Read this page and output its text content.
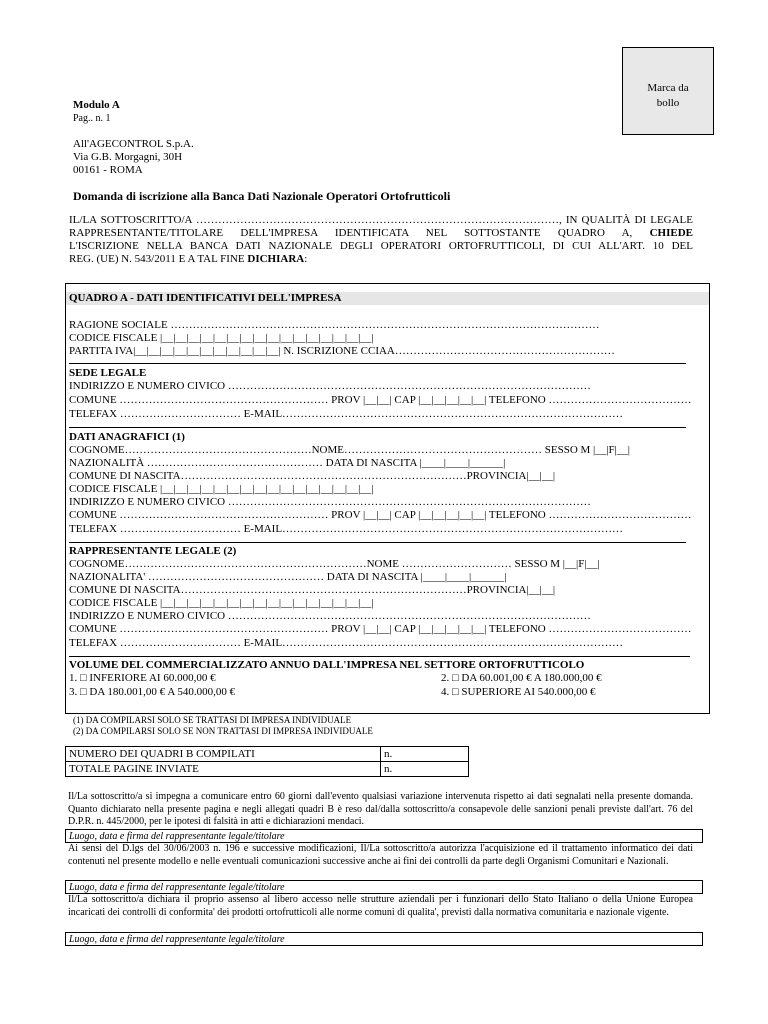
Marca da
bollo
Modulo A
Pag.. n. 1
All'AGECONTROL S.p.A.
Via G.B. Morgagni, 30H
00161 - ROMA
Domanda di iscrizione alla Banca Dati Nazionale Operatori Ortofrutticoli
IL/LA SOTTOSCRITTO/A ………………………………………………………………………………………, IN QUALITÀ DI LEGALE
RAPPRESENTANTE/TITOLARE DELL'IMPRESA IDENTIFICATA NEL SOTTOSTANTE QUADRO A, CHIEDE
L'ISCRIZIONE NELLA BANCA DATI NAZIONALE DEGLI OPERATORI ORTOFRUTTICOLI, DI CUI ALL'ART. 10 DEL
REG. (UE) N. 543/2011 E A TAL FINE DICHIARA:
QUADRO A - DATI IDENTIFICATIVI DELL'IMPRESA
RAGIONE SOCIALE ………………………………………………………………………………………………………
CODICE FISCALE |__|__|__|__|__|__|__|__|__|__|__|__|__|__|__|__|
PARTITA IVA|__|__|__|__|__|__|__|__|__|__|__| N. ISCRIZIONE CCIAA……………………………………………………
SEDE LEGALE
INDIRIZZO E NUMERO CIVICO ………………………………………………………………………………………
COMUNE ………………………………………………… PROV |__|__| CAP |__|__|__|__|__| TELEFONO …………………………………
TELEFAX …………………………… E-MAIL…………………………………………………………………………………
DATI ANAGRAFICI (1)
COGNOME……………………………………………NOME……………………………………………… SESSO M |__|F|__|
NAZIONALITÀ ………………………………………… DATA DI NASCITA |____|____|______|
COMUNE DI NASCITA……………………………………………………………………PROVINCIA|__|__|
CODICE FISCALE |__|__|__|__|__|__|__|__|__|__|__|__|__|__|__|__|
INDIRIZZO E NUMERO CIVICO ………………………………………………………………………………………
COMUNE ………………………………………………… PROV |__|__| CAP |__|__|__|__|__| TELEFONO …………………………………
TELEFAX …………………………… E-MAIL…………………………………………………………………………………
RAPPRESENTANTE LEGALE (2)
COGNOME…………………………………………………………NOME ………………………… SESSO M |__|F|__|
NAZIONALITA' ………………………………………… DATA DI NASCITA |____|____|______|
COMUNE DI NASCITA……………………………………………………………………PROVINCIA|__|__|
CODICE FISCALE |__|__|__|__|__|__|__|__|__|__|__|__|__|__|__|__|
INDIRIZZO E NUMERO CIVICO ………………………………………………………………………………………
COMUNE ………………………………………………… PROV |__|__| CAP |__|__|__|__|__| TELEFONO …………………………………
TELEFAX …………………………… E-MAIL…………………………………………………………………………………
VOLUME DEL COMMERCIALIZZATO ANNUO DALL'IMPRESA NEL SETTORE ORTOFRUTTICOLO
1. □ INFERIORE AI 60.000,00 €	2. □ DA 60.001,00 € A 180.000,00 €
3. □ DA 180.001,00 € A 540.000,00 €	4. □ SUPERIORE AI 540.000,00 €
(1) DA COMPILARSI SOLO SE TRATTASI DI IMPRESA INDIVIDUALE
(2) DA COMPILARSI SOLO SE NON TRATTASI DI IMPRESA INDIVIDUALE
NUMERO DEI QUADRI B COMPILATI	n.
TOTALE PAGINE INVIATE	n.
Il/La sottoscritto/a si impegna a comunicare entro 60 giorni dall'evento qualsiasi variazione intervenuta rispetto ai dati segnalati nella presente domanda. Quanto dichiarato nella presente pagina e negli allegati quadri B è reso dal/dalla sottoscritto/a consapevole delle sanzioni penali previste dall'art. 76 del D.P.R. n. 445/2000, per le ipotesi di falsità in atti e dichiarazioni mendaci.
Luogo, data e firma del rappresentante legale/titolare
Ai sensi del D.lgs del 30/06/2003 n. 196 e successive modificazioni, Il/La sottoscritto/a autorizza l'acquisizione ed il trattamento informatico dei dati contenuti nel presente modello e nelle eventuali comunicazioni successive anche ai fini dei controlli da parte degli Organismi Comunitari e Nazionali.
Luogo, data e firma del rappresentante legale/titolare
Il/La sottoscritto/a dichiara il proprio assenso al libero accesso nelle strutture aziendali per i funzionari dello Stato Italiano o della Unione Europea incaricati dei controlli di conformita' dei prodotti ortofrutticoli alle norme comuni di qualita', previsti dalla normativa comunitaria e nazionale vigente.
Luogo, data e firma del rappresentante legale/titolare
